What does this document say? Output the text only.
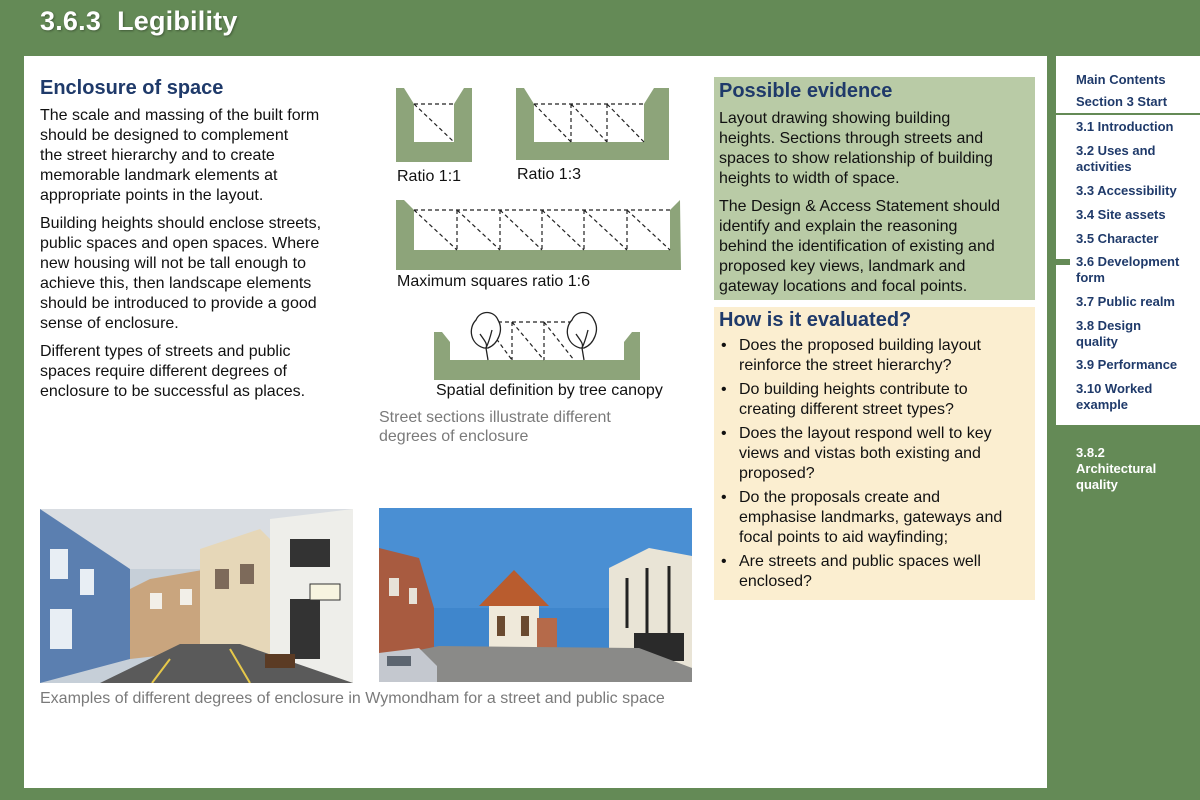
3.6.3 Legibility
Enclosure of space

The scale and massing of the built form
should be designed to complement
the street hierarchy and to create
memorable landmark elements at
appropriate points in the layout.

Building heights should enclose streets,
public spaces and open spaces. Where
new housing will not be tall enough to
achieve this, then landscape elements
should be introduced to provide a good
sense of enclosure.

Different types of streets and public
spaces require different degrees of
enclosure to be successful as places.

Ratio 1:1	Ratio 1:3
Maximum squares ratio 1:6
Spatial definition by tree canopy
Street sections illustrate different
degrees of enclosure
Possible evidence

Layout drawing showing building
heights. Sections through streets and
spaces to show relationship of building
heights to width of space.

The Design & Access Statement should
identify and explain the reasoning
behind the identification of existing and
proposed key views, landmark and
gateway locations and focal points.

How is it evaluated?
• Does the proposed building layout
reinforce the street hierarchy?
• Do building heights contribute to
creating different street types?
• Does the layout respond well to key
views and vistas both existing and
proposed?
• Do the proposals create and
emphasise landmarks, gateways and
focal points to aid wayfinding;
• Are streets and public spaces well
enclosed?
Examples of different degrees of enclosure in Wymondham for a street and public space
Main Contents
Section 3 Start
3.1 Introduction
3.2 Uses and
activities
3.3 Accessibility
3.4 Site assets
3.5 Character
3.6 Development
form
3.7 Public realm
3.8 Design
quality
3.9 Performance
3.10 Worked
example
3.8.2
Architectural
quality
